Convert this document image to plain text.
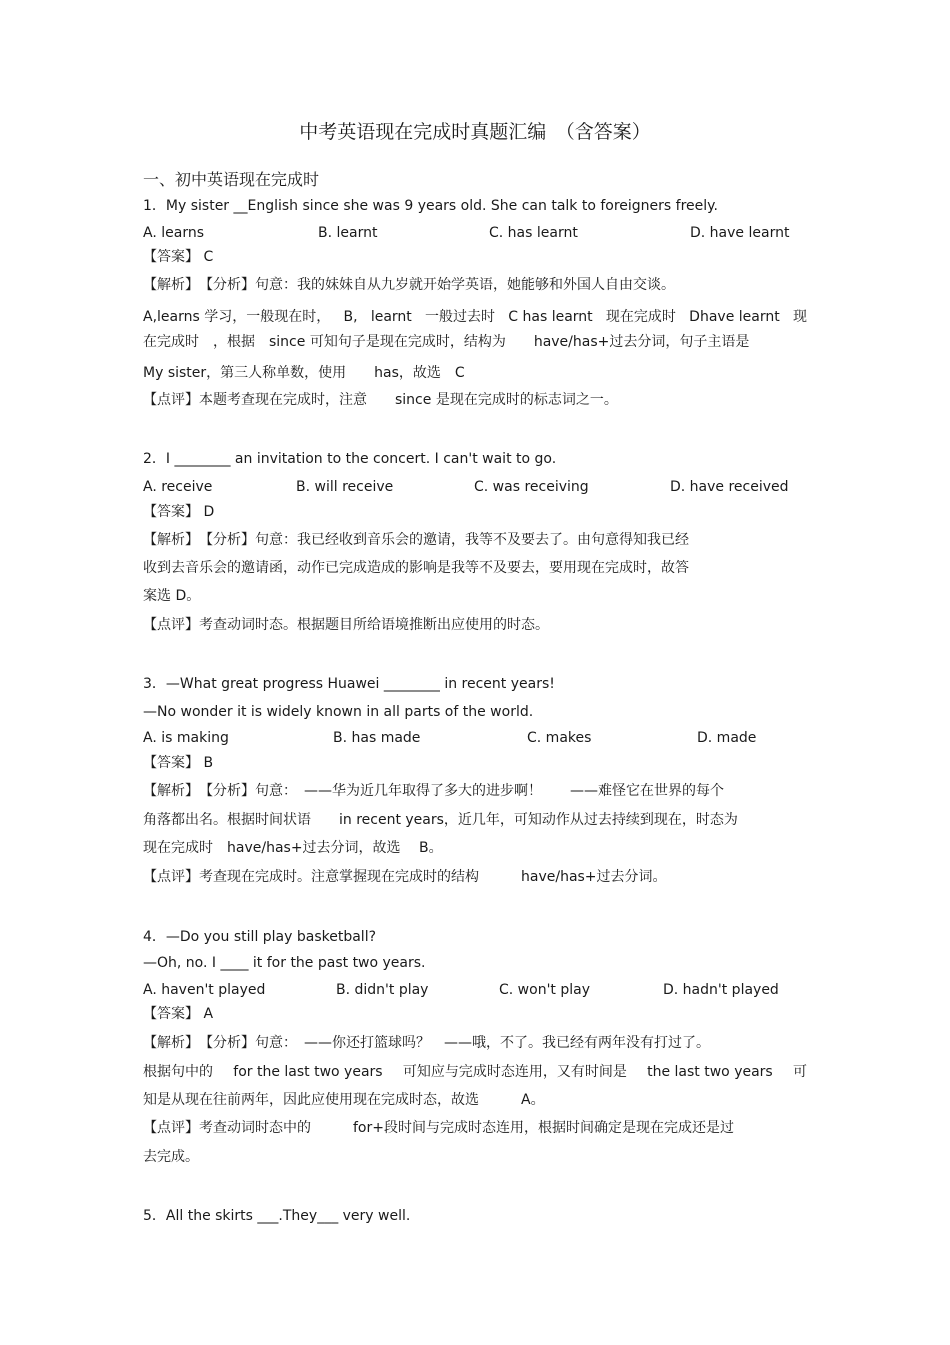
中考英语现在完成时真题汇编　（含答案）
一、初中英语现在完成时
1．My sister __English since she was 9 years old. She can talk to foreigners freely.
A. learns	B. learnt	C. has learnt	D. have learnt
【答案】 C
【解析】　【分析】句意：我的妹妹自从九岁就开始学英语，她能够和外国人自由交谈。
A,learns 学习，一般现在时， B, learnt 一般过去时 C has learnt 现在完成时 Dhave learnt 现
在完成时　，根据　since 可知句子是现在完成时，结构为　　have/has+过去分词，句子主语是
My sister，第三人称单数，使用　　has，故选　C
【点评】本题考查现在完成时，注意　　since 是现在完成时的标志词之一。
2．I ________ an invitation to the concert. I can't wait to go.
A. receive	B. will receive	C. was receiving	D. have received
【答案】 D
【解析】　【分析】句意：我已经收到音乐会的邀请，我等不及要去了。由句意得知我已经
收到去音乐会的邀请函，动作已完成造成的影响是我等不及要去，要用现在完成时，故答
案选 D。
【点评】考查动词时态。根据题目所给语境推断出应使用的时态。
3．—What great progress Huawei ________ in recent years!
—No wonder it is widely known in all parts of the world.
A. is making	B. has made	C. makes	D. made
【答案】 B
【解析】　【分析】句意：　——华为近几年取得了多大的进步啊！　　——难怪它在世界的每个
角落都出名。根据时间状语　　in recent years，近几年，可知动作从过去持续到现在，时态为
现在完成时　have/has+过去分词，故选　 B。
【点评】考查现在完成时。注意掌握现在完成时的结构　　　have/has+过去分词。
4．—Do you still play basketball?
—Oh, no. I ____ it for the past two years.
A. haven't played	B. didn't play	C. won't play	D. hadn't played
【答案】 A
【解析】　【分析】句意：　——你还打篮球吗？　——哦，不了。我已经有两年没有打过了。
根据句中的 for the last two years 可知应与完成时态连用，又有时间是 the last two years 可
知是从现在往前两年，因此应使用现在完成时态，故选　　　A。
【点评】考查动词时态中的　　　for+段时间与完成时态连用，根据时间确定是现在完成还是过
去完成。
5．All the skirts ___.They___ very well.
